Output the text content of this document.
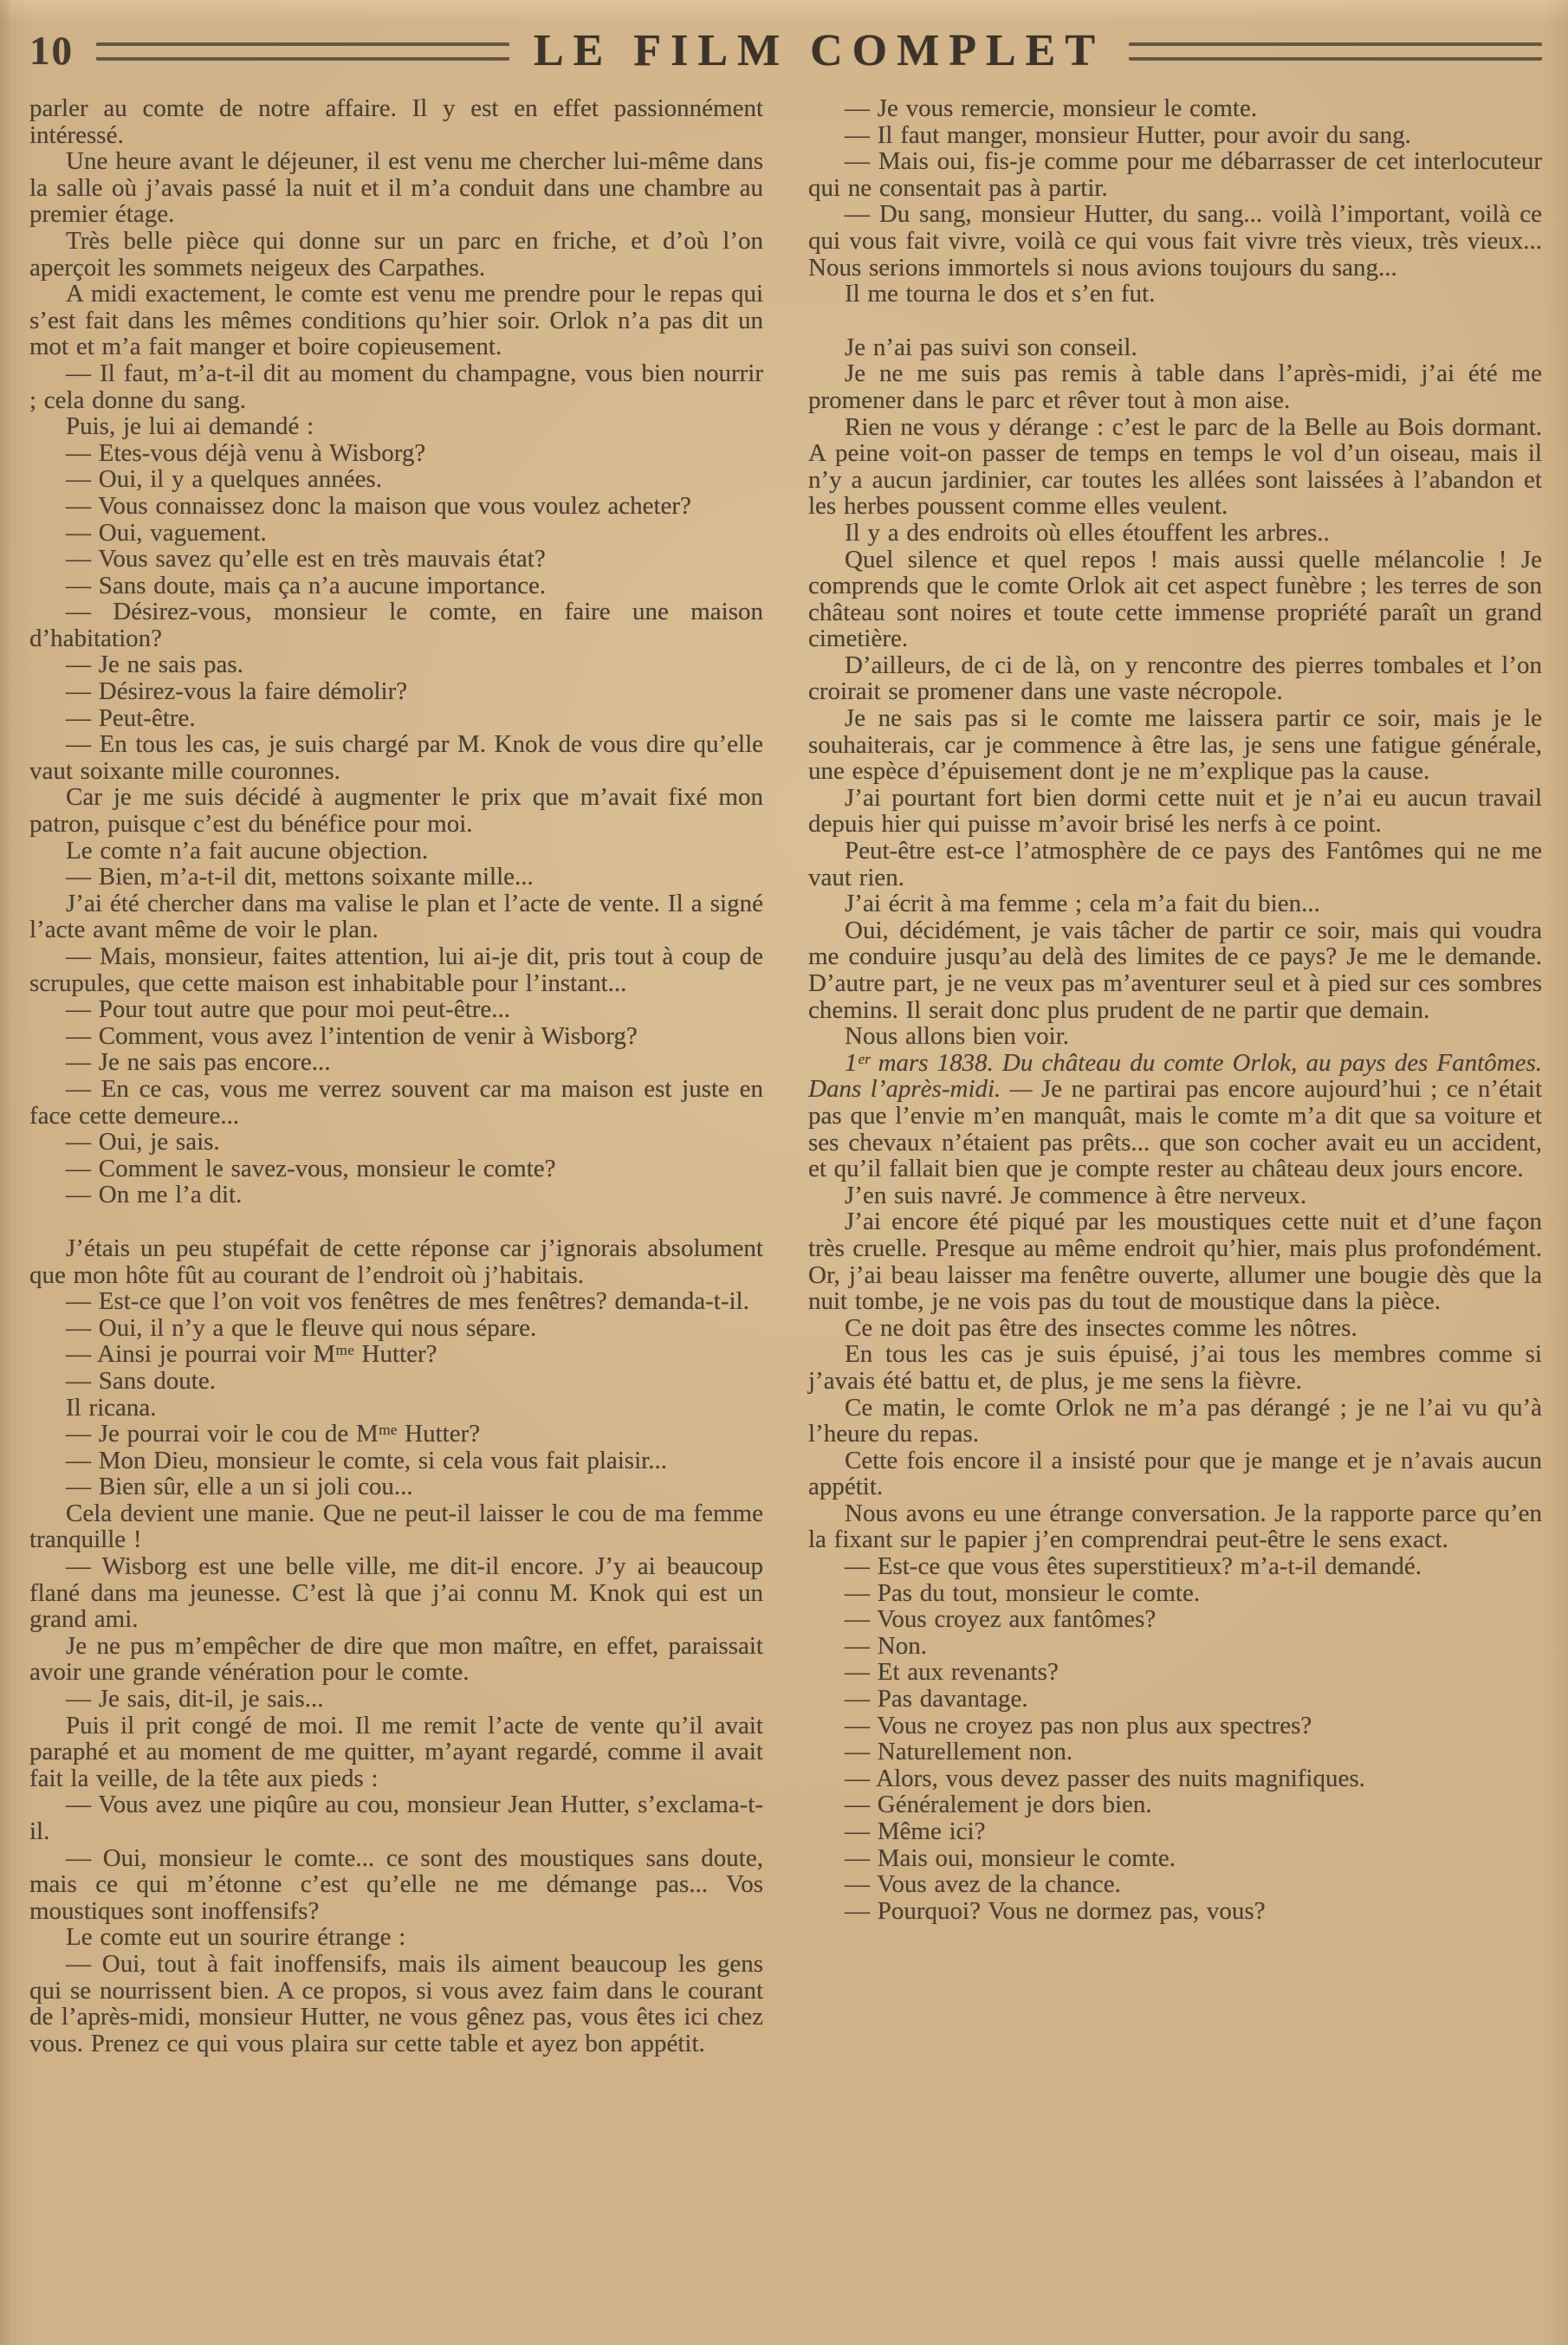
10	LE FILM COMPLET

parler au comte de notre affaire. Il y est en effet passionnément intéressé.

Une heure avant le déjeuner, il est venu me chercher lui-même dans la salle où j’avais passé la nuit et il m’a conduit dans une chambre au premier étage.

Très belle pièce qui donne sur un parc en friche, et d’où l’on aperçoit les sommets neigeux des Carpathes.

A midi exactement, le comte est venu me prendre pour le repas qui s’est fait dans les mêmes conditions qu’hier soir. Orlok n’a pas dit un mot et m’a fait manger et boire copieusement.

— Il faut, m’a-t-il dit au moment du champagne, vous bien nourrir ; cela donne du sang.

Puis, je lui ai demandé :

— Etes-vous déjà venu à Wisborg?

— Oui, il y a quelques années.

— Vous connaissez donc la maison que vous voulez acheter?

— Oui, vaguement.

— Vous savez qu’elle est en très mauvais état?

— Sans doute, mais ça n’a aucune importance.

— Désirez-vous, monsieur le comte, en faire une maison d’habitation?

— Je ne sais pas.

— Désirez-vous la faire démolir?

— Peut-être.

— En tous les cas, je suis chargé par M. Knok de vous dire qu’elle vaut soixante mille couronnes.

Car je me suis décidé à augmenter le prix que m’avait fixé mon patron, puisque c’est du bénéfice pour moi.

Le comte n’a fait aucune objection.

— Bien, m’a-t-il dit, mettons soixante mille...

J’ai été chercher dans ma valise le plan et l’acte de vente. Il a signé l’acte avant même de voir le plan.

— Mais, monsieur, faites attention, lui ai-je dit, pris tout à coup de scrupules, que cette maison est inhabitable pour l’instant...

— Pour tout autre que pour moi peut-être...

— Comment, vous avez l’intention de venir à Wisborg?

— Je ne sais pas encore...

— En ce cas, vous me verrez souvent car ma maison est juste en face cette demeure...

— Oui, je sais.

— Comment le savez-vous, monsieur le comte?

— On me l’a dit.

J’étais un peu stupéfait de cette réponse car j’ignorais absolument que mon hôte fût au courant de l’endroit où j’habitais.

— Est-ce que l’on voit vos fenêtres de mes fenêtres? demanda-t-il.

— Oui, il n’y a que le fleuve qui nous sépare.

— Ainsi je pourrai voir Mᵐᵉ Hutter?

— Sans doute.

Il ricana.

— Je pourrai voir le cou de Mᵐᵉ Hutter?

— Mon Dieu, monsieur le comte, si cela vous fait plaisir...

— Bien sûr, elle a un si joli cou...

Cela devient une manie. Que ne peut-il laisser le cou de ma femme tranquille !

— Wisborg est une belle ville, me dit-il encore. J’y ai beaucoup flané dans ma jeunesse. C’est là que j’ai connu M. Knok qui est un grand ami.

Je ne pus m’empêcher de dire que mon maître, en effet, paraissait avoir une grande vénération pour le comte.

— Je sais, dit-il, je sais...

Puis il prit congé de moi. Il me remit l’acte de vente qu’il avait paraphé et au moment de me quitter, m’ayant regardé, comme il avait fait la veille, de la tête aux pieds :

— Vous avez une piqûre au cou, monsieur Jean Hutter, s’exclama-t-il.

— Oui, monsieur le comte... ce sont des moustiques sans doute, mais ce qui m’étonne c’est qu’elle ne me démange pas... Vos moustiques sont inoffensifs?

Le comte eut un sourire étrange :

— Oui, tout à fait inoffensifs, mais ils aiment beaucoup les gens qui se nourrissent bien. A ce propos, si vous avez faim dans le courant de l’après-midi, monsieur Hutter, ne vous gênez pas, vous êtes ici chez vous. Prenez ce qui vous plaira sur cette table et ayez bon appétit.

— Je vous remercie, monsieur le comte.

— Il faut manger, monsieur Hutter, pour avoir du sang.

— Mais oui, fis-je comme pour me débarrasser de cet interlocuteur qui ne consentait pas à partir.

— Du sang, monsieur Hutter, du sang... voilà l’important, voilà ce qui vous fait vivre, voilà ce qui vous fait vivre très vieux, très vieux... Nous serions immortels si nous avions toujours du sang...

Il me tourna le dos et s’en fut.

Je n’ai pas suivi son conseil.

Je ne me suis pas remis à table dans l’après-midi, j’ai été me promener dans le parc et rêver tout à mon aise.

Rien ne vous y dérange : c’est le parc de la Belle au Bois dormant. A peine voit-on passer de temps en temps le vol d’un oiseau, mais il n’y a aucun jardinier, car toutes les allées sont laissées à l’abandon et les herbes poussent comme elles veulent.

Il y a des endroits où elles étouffent les arbres..

Quel silence et quel repos ! mais aussi quelle mélancolie ! Je comprends que le comte Orlok ait cet aspect funèbre ; les terres de son château sont noires et toute cette immense propriété paraît un grand cimetière.

D’ailleurs, de ci de là, on y rencontre des pierres tombales et l’on croirait se promener dans une vaste nécropole.

Je ne sais pas si le comte me laissera partir ce soir, mais je le souhaiterais, car je commence à être las, je sens une fatigue générale, une espèce d’épuisement dont je ne m’explique pas la cause.

J’ai pourtant fort bien dormi cette nuit et je n’ai eu aucun travail depuis hier qui puisse m’avoir brisé les nerfs à ce point.

Peut-être est-ce l’atmosphère de ce pays des Fantômes qui ne me vaut rien.

J’ai écrit à ma femme ; cela m’a fait du bien...

Oui, décidément, je vais tâcher de partir ce soir, mais qui voudra me conduire jusqu’au delà des limites de ce pays? Je me le demande. D’autre part, je ne veux pas m’aventurer seul et à pied sur ces sombres chemins. Il serait donc plus prudent de ne partir que demain.

Nous allons bien voir.

1ᵉʳ mars 1838. Du château du comte Orlok, au pays des Fantômes. Dans l’après-midi. — Je ne partirai pas encore aujourd’hui ; ce n’était pas que l’envie m’en manquât, mais le comte m’a dit que sa voiture et ses chevaux n’étaient pas prêts... que son cocher avait eu un accident, et qu’il fallait bien que je compte rester au château deux jours encore.

J’en suis navré. Je commence à être nerveux.

J’ai encore été piqué par les moustiques cette nuit et d’une façon très cruelle. Presque au même endroit qu’hier, mais plus profondément. Or, j’ai beau laisser ma fenêtre ouverte, allumer une bougie dès que la nuit tombe, je ne vois pas du tout de moustique dans la pièce.

Ce ne doit pas être des insectes comme les nôtres.

En tous les cas je suis épuisé, j’ai tous les membres comme si j’avais été battu et, de plus, je me sens la fièvre.

Ce matin, le comte Orlok ne m’a pas dérangé ; je ne l’ai vu qu’à l’heure du repas.

Cette fois encore il a insisté pour que je mange et je n’avais aucun appétit.

Nous avons eu une étrange conversation. Je la rapporte parce qu’en la fixant sur le papier j’en comprendrai peut-être le sens exact.

— Est-ce que vous êtes superstitieux? m’a-t-il demandé.

— Pas du tout, monsieur le comte.

— Vous croyez aux fantômes?

— Non.

— Et aux revenants?

— Pas davantage.

— Vous ne croyez pas non plus aux spectres?

— Naturellement non.

— Alors, vous devez passer des nuits magnifiques.

— Généralement je dors bien.

— Même ici?

— Mais oui, monsieur le comte.

— Vous avez de la chance.

— Pourquoi? Vous ne dormez pas, vous?
